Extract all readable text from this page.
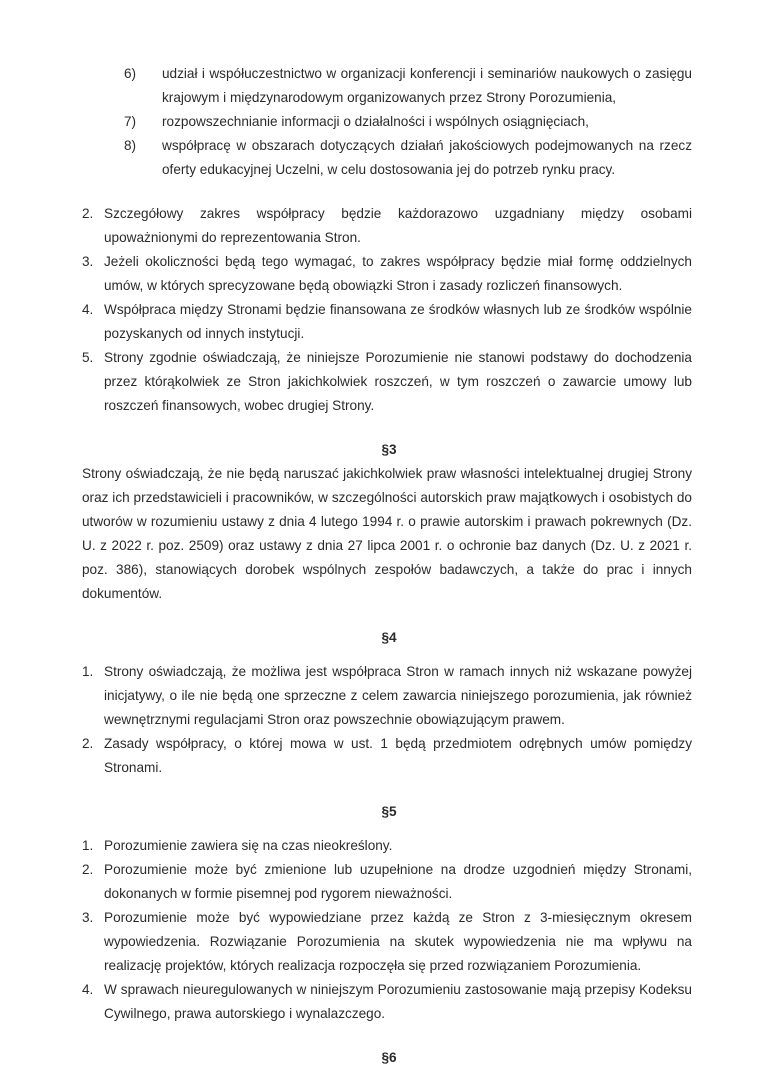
6)	udział i współuczestnictwo w organizacji konferencji i seminariów naukowych o zasięgu krajowym i międzynarodowym organizowanych przez Strony Porozumienia,
7)	rozpowszechnianie informacji o działalności i wspólnych osiągnięciach,
8)	współpracę w obszarach dotyczących działań jakościowych podejmowanych na rzecz oferty edukacyjnej Uczelni, w celu dostosowania jej do potrzeb rynku pracy.
2. Szczegółowy zakres współpracy będzie każdorazowo uzgadniany między osobami upoważnionymi do reprezentowania Stron.
3. Jeżeli okoliczności będą tego wymagać, to zakres współpracy będzie miał formę oddzielnych umów, w których sprecyzowane będą obowiązki Stron i zasady rozliczeń finansowych.
4. Współpraca między Stronami będzie finansowana ze środków własnych lub ze środków wspólnie pozyskanych od innych instytucji.
5. Strony zgodnie oświadczają, że niniejsze Porozumienie nie stanowi podstawy do dochodzenia przez którąkolwiek ze Stron jakichkolwiek roszczeń, w tym roszczeń o zawarcie umowy lub roszczeń finansowych, wobec drugiej Strony.

§3

Strony oświadczają, że nie będą naruszać jakichkolwiek praw własności intelektualnej drugiej Strony oraz ich przedstawicieli i pracowników, w szczególności autorskich praw majątkowych i osobistych do utworów w rozumieniu ustawy z dnia 4 lutego 1994 r. o prawie autorskim i prawach pokrewnych (Dz. U. z 2022 r. poz. 2509) oraz ustawy z dnia 27 lipca 2001 r. o ochronie baz danych (Dz. U. z 2021 r. poz. 386), stanowiących dorobek wspólnych zespołów badawczych, a także do prac i innych dokumentów.

§4

1. Strony oświadczają, że możliwa jest współpraca Stron w ramach innych niż wskazane powyżej inicjatywy, o ile nie będą one sprzeczne z celem zawarcia niniejszego porozumienia, jak również wewnętrznymi regulacjami Stron oraz powszechnie obowiązującym prawem.
2. Zasady współpracy, o której mowa w ust. 1 będą przedmiotem odrębnych umów pomiędzy Stronami.

§5

1. Porozumienie zawiera się na czas nieokreślony.
2. Porozumienie może być zmienione lub uzupełnione na drodze uzgodnień między Stronami, dokonanych w formie pisemnej pod rygorem nieważności.
3. Porozumienie może być wypowiedziane przez każdą ze Stron z 3-miesięcznym okresem wypowiedzenia. Rozwiązanie Porozumienia na skutek wypowiedzenia nie ma wpływu na realizację projektów, których realizacja rozpoczęła się przed rozwiązaniem Porozumienia.
4. W sprawach nieuregulowanych w niniejszym Porozumieniu zastosowanie mają przepisy Kodeksu Cywilnego, prawa autorskiego i wynalazczego.

§6
